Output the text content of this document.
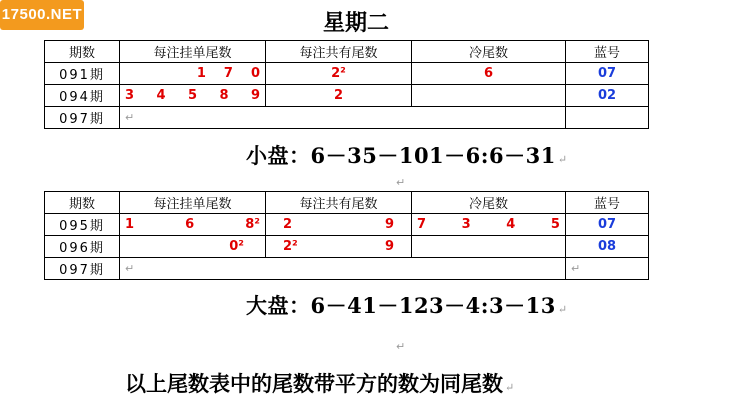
17500.NET	星期二
期数	每注挂单尾数	每注共有尾数	冷尾数	蓝号
091期	1 7 0	2²	6	07
094期	3 4 5 8 9	2		02
097期	↵			
小盘：6－35－101－6:6－31 ↵
↵
期数	每注挂单尾数	每注共有尾数	冷尾数	蓝号
095期	1 6 8²	2 9	7 3 4 5	07
096期	0²	2² 9		08
097期	↵			↵
大盘：6－41－123－4:3－13 ↵
↵
以上尾数表中的尾数带平方的数为同尾数 ↵
